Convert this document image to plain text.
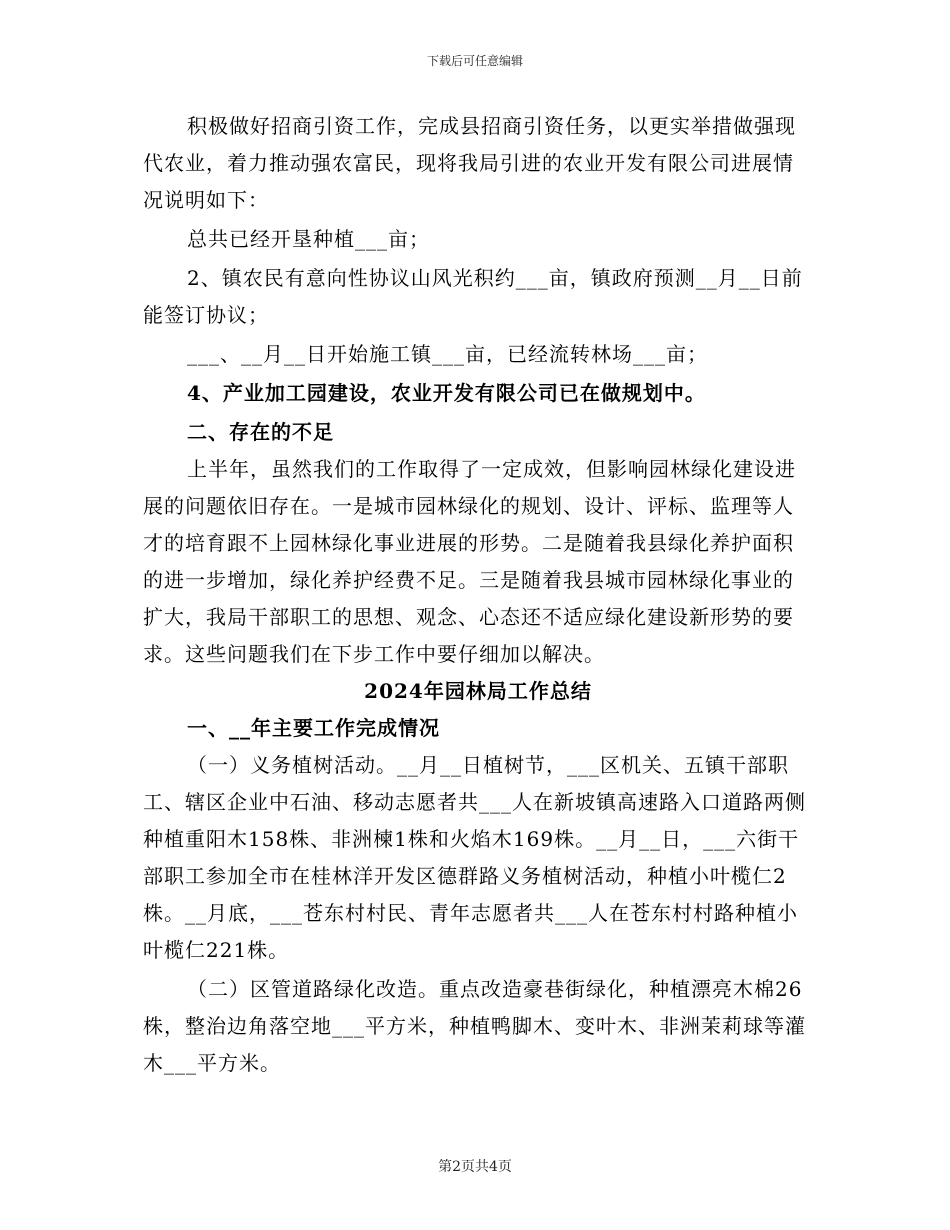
下载后可任意编辑

积极做好招商引资工作，完成县招商引资任务，以更实举措做强现代农业，着力推动强农富民，现将我局引进的农业开发有限公司进展情况说明如下：

总共已经开垦种植___亩；

2、镇农民有意向性协议山风光积约___亩，镇政府预测__月__日前能签订协议；

___、__月__日开始施工镇___亩，已经流转林场___亩；

4、产业加工园建设，农业开发有限公司已在做规划中。

二、存在的不足

上半年，虽然我们的工作取得了一定成效，但影响园林绿化建设进展的问题依旧存在。一是城市园林绿化的规划、设计、评标、监理等人才的培育跟不上园林绿化事业进展的形势。二是随着我县绿化养护面积的进一步增加，绿化养护经费不足。三是随着我县城市园林绿化事业的扩大，我局干部职工的思想、观念、心态还不适应绿化建设新形势的要求。这些问题我们在下步工作中要仔细加以解决。

2024年园林局工作总结

一、__年主要工作完成情况

（一）义务植树活动。__月__日植树节，___区机关、五镇干部职工、辖区企业中石油、移动志愿者共___人在新坡镇高速路入口道路两侧种植重阳木158株、非洲楝1株和火焰木169株。__月__日，___六街干部职工参加全市在桂林洋开发区德群路义务植树活动，种植小叶榄仁2株。__月底，___苍东村村民、青年志愿者共___人在苍东村村路种植小叶榄仁221株。

（二）区管道路绿化改造。重点改造豪巷街绿化，种植漂亮木棉26株，整治边角落空地___平方米，种植鸭脚木、变叶木、非洲茉莉球等灌木___平方米。

第2页共4页
